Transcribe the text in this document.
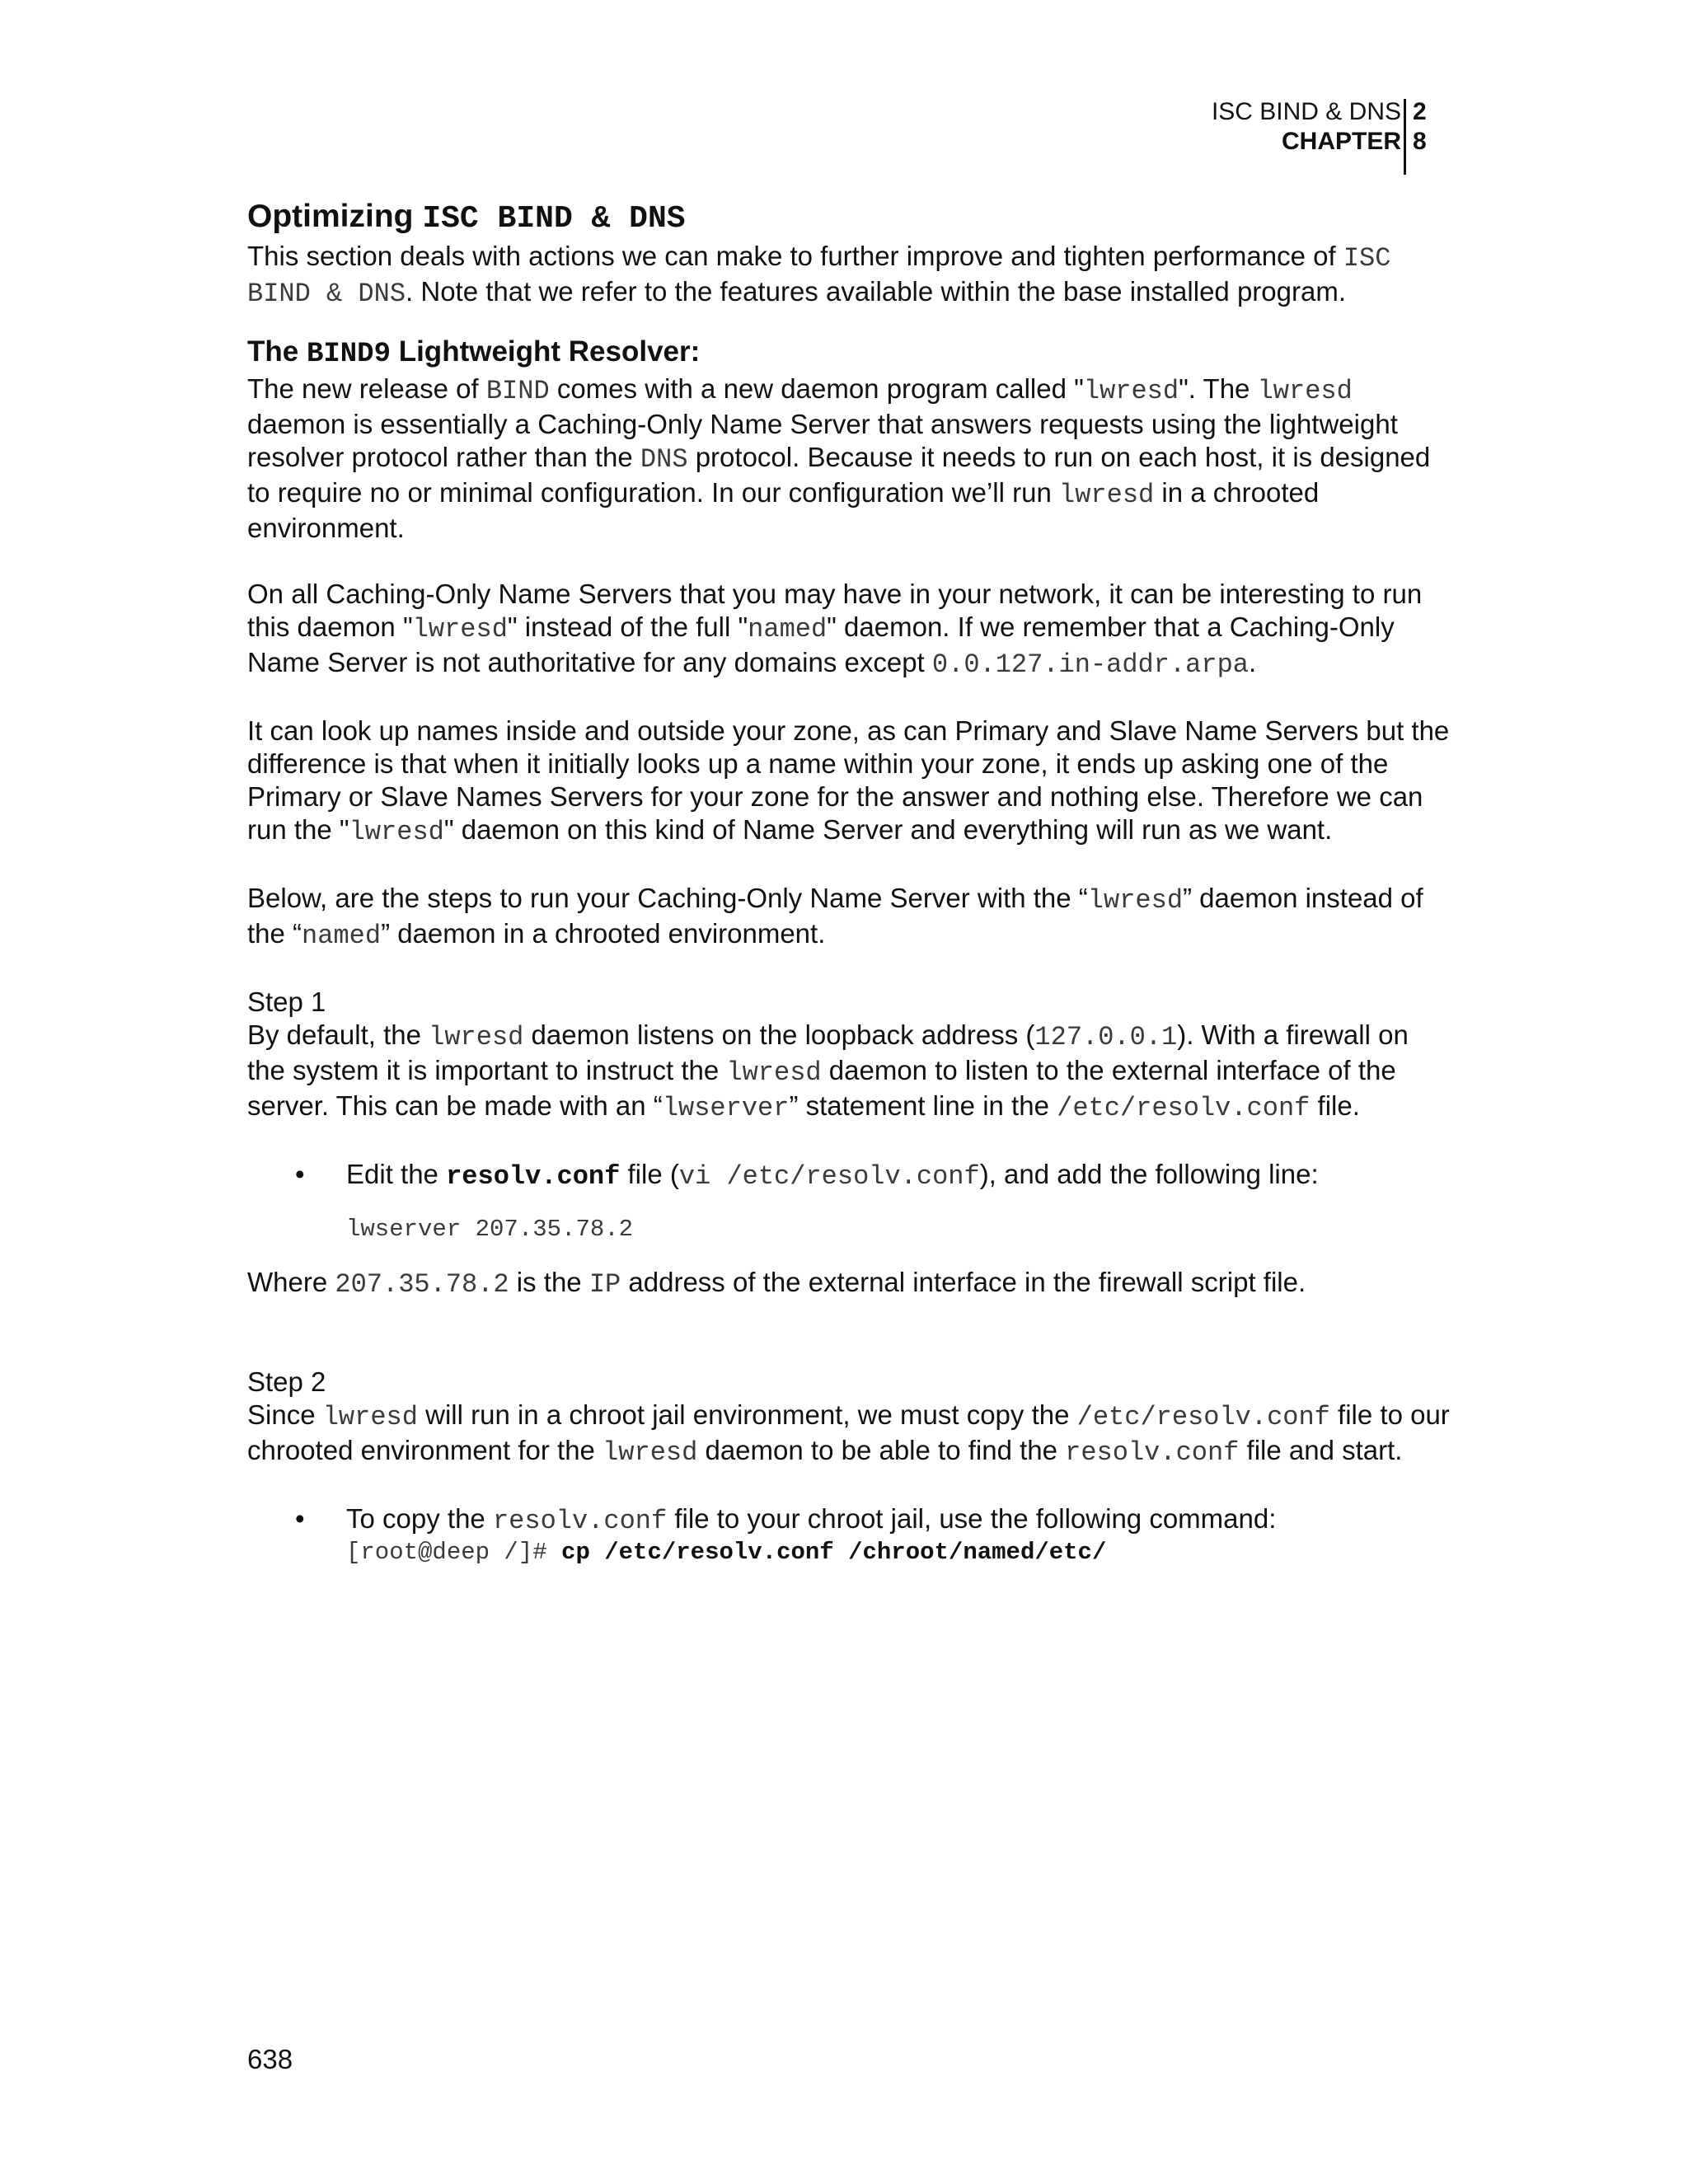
ISC BIND & DNS
CHAPTER
2
8
Optimizing ISC BIND & DNS

This section deals with actions we can make to further improve and tighten performance of ISC BIND & DNS. Note that we refer to the features available within the base installed program.

The BIND9 Lightweight Resolver:

The new release of BIND comes with a new daemon program called "lwresd". The lwresd daemon is essentially a Caching-Only Name Server that answers requests using the lightweight resolver protocol rather than the DNS protocol. Because it needs to run on each host, it is designed to require no or minimal configuration. In our configuration we’ll run lwresd in a chrooted environment.

On all Caching-Only Name Servers that you may have in your network, it can be interesting to run this daemon "lwresd" instead of the full "named" daemon. If we remember that a Caching-Only Name Server is not authoritative for any domains except 0.0.127.in-addr.arpa.

It can look up names inside and outside your zone, as can Primary and Slave Name Servers but the difference is that when it initially looks up a name within your zone, it ends up asking one of the Primary or Slave Names Servers for your zone for the answer and nothing else. Therefore we can run the "lwresd" daemon on this kind of Name Server and everything will run as we want.

Below, are the steps to run your Caching-Only Name Server with the “lwresd” daemon instead of the “named” daemon in a chrooted environment.

Step 1

By default, the lwresd daemon listens on the loopback address (127.0.0.1). With a firewall on the system it is important to instruct the lwresd daemon to listen to the external interface of the server. This can be made with an “lwserver” statement line in the /etc/resolv.conf file.

• Edit the resolv.conf file (vi /etc/resolv.conf), and add the following line:
lwserver 207.35.78.2

Where 207.35.78.2 is the IP address of the external interface in the firewall script file.

Step 2

Since lwresd will run in a chroot jail environment, we must copy the /etc/resolv.conf file to our chrooted environment for the lwresd daemon to be able to find the resolv.conf file and start.

• To copy the resolv.conf file to your chroot jail, use the following command:
[root@deep /]# cp /etc/resolv.conf /chroot/named/etc/
638
